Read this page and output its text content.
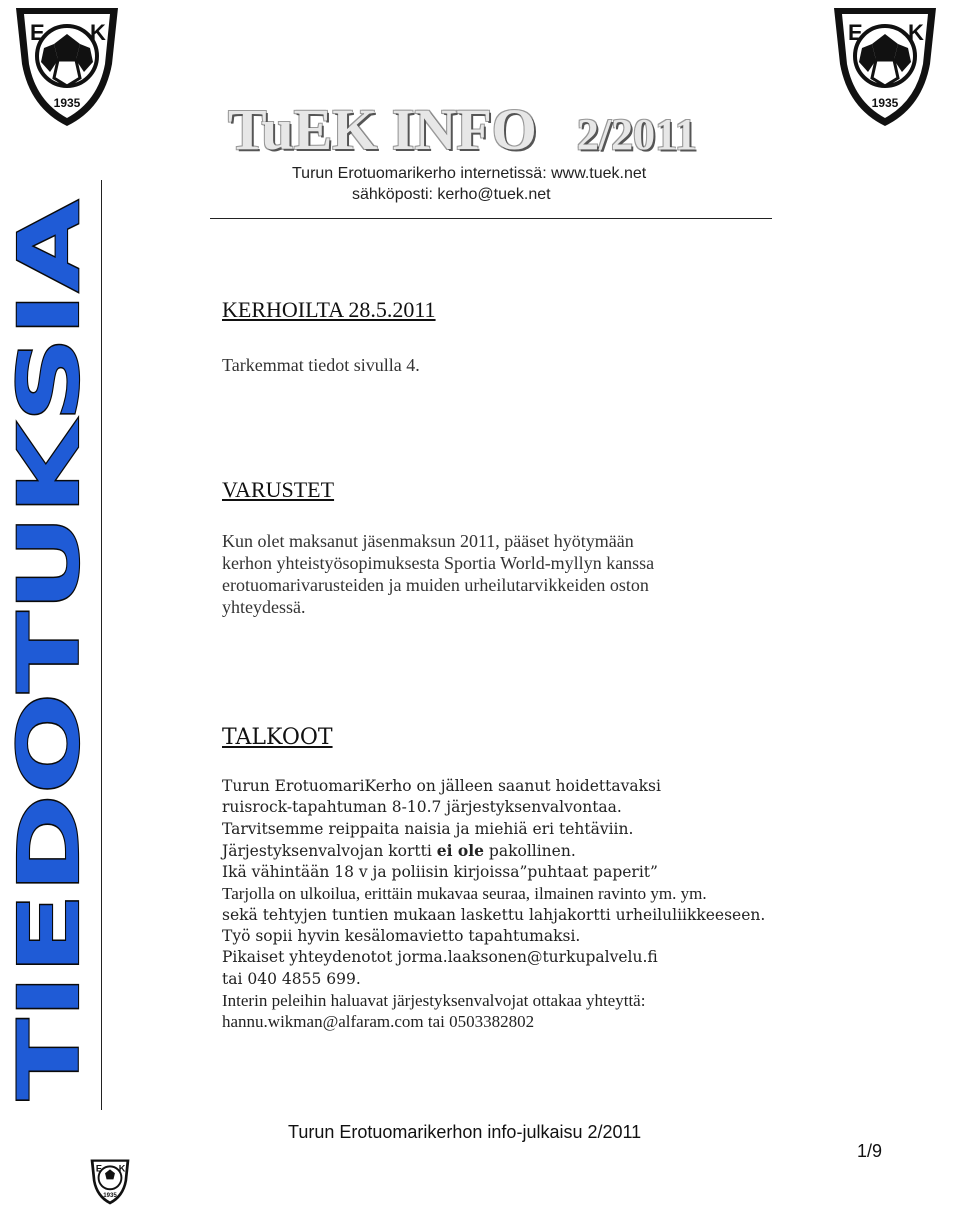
E K
1935
E K
1935
E K
1935
TuEK INFO 2/2011
Turun Erotuomarikerho internetissä: www.tuek.net
sähköposti: kerho@tuek.net
TIEDOTUKSIA
KERHOILTA 28.5.2011
Tarkemmat tiedot sivulla 4.
VARUSTET
Kun olet maksanut jäsenmaksun 2011, pääset hyötymään
kerhon yhteistyösopimuksesta Sportia World-myllyn kanssa
erotuomarivarusteiden ja muiden urheilutarvikkeiden oston
yhteydessä.
TALKOOT
Turun ErotuomariKerho on jälleen saanut hoidettavaksi
ruisrock-tapahtuman 8-10.7 järjestyksenvalvontaa.
Tarvitsemme reippaita naisia ja miehiä eri tehtäviin.
Järjestyksenvalvojan kortti ei ole pakollinen.
Ikä vähintään 18 v ja poliisin kirjoissa”puhtaat paperit”
Tarjolla on ulkoilua, erittäin mukavaa seuraa, ilmainen ravinto ym. ym.
sekä tehtyjen tuntien mukaan laskettu lahjakortti urheiluliikkeeseen.
Työ sopii hyvin kesälomavietto tapahtumaksi.
Pikaiset yhteydenotot jorma.laaksonen@turkupalvelu.fi
tai 040 4855 699.
Interin peleihin haluavat järjestyksenvalvojat ottakaa yhteyttä:
hannu.wikman@alfaram.com tai 0503382802
Turun Erotuomarikerhon info-julkaisu 2/2011
1/9
